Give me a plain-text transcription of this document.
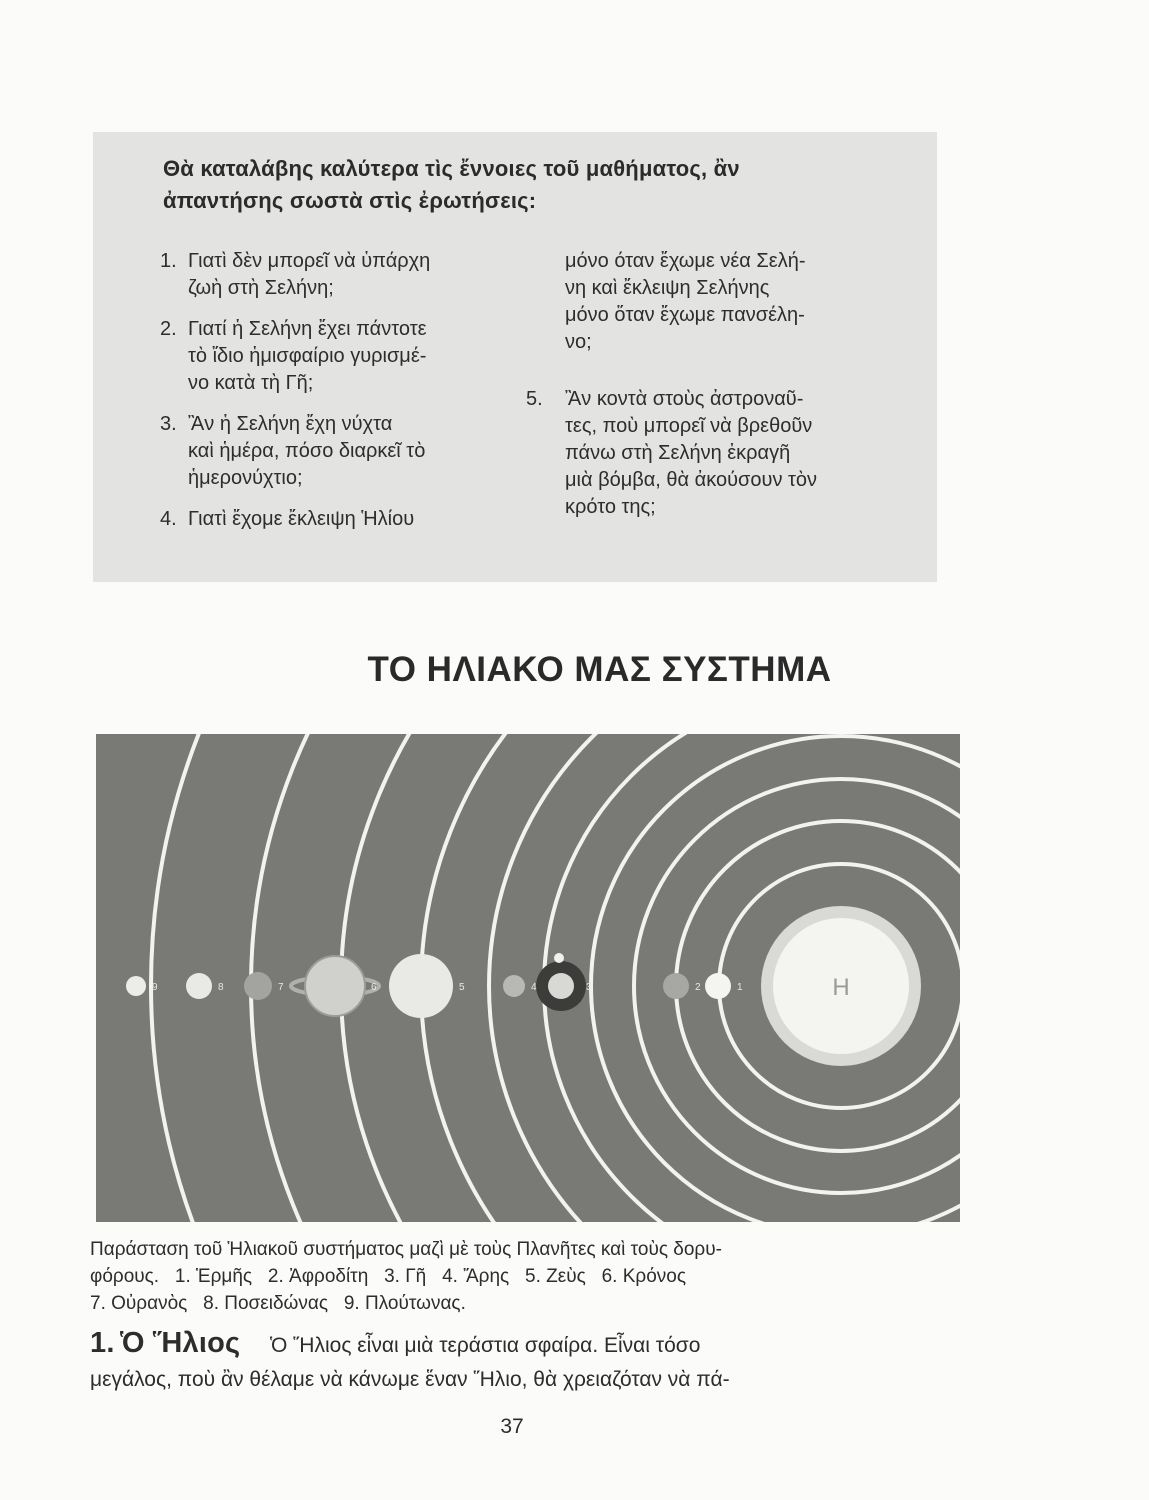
Θὰ καταλάβης καλύτερα τὶς ἔννοιες τοῦ μαθήματος, ἂν
ἀπαντήσης σωστὰ στὶς ἐρωτήσεις:
1. Γιατὶ δὲν μπορεῖ νὰ ὑπάρχη

ζωὴ στὴ Σελήνη;

2. Γιατί ἡ Σελήνη ἔχει πάντοτε

τὸ ἴδιο ἡμισφαίριο γυρισμέ-

νο κατὰ τὴ Γῆ;

3. Ἂν ἡ Σελήνη ἔχη νύχτα

καὶ ἡμέρα, πόσο διαρκεῖ τὸ

ἡμερονύχτιο;

4. Γιατὶ ἔχομε ἔκλειψη Ἡλίου

μόνο όταν ἔχωμε νέα Σελή-

νη καὶ ἔκλειψη Σελήνης

μόνο ὅταν ἔχωμε πανσέλη-

νο;

5.	Ἂν κοντὰ στοὺς ἀστροναῦ-

τες, ποὺ μπορεῖ νὰ βρεθοῦν

πάνω στὴ Σελήνη ἐκραγῆ

μιὰ βόμβα, θὰ ἀκούσουν τὸν

κρότο της;

ΤΟ ΗΛΙΑΚΟ ΜΑΣ ΣΥΣΤΗΜΑ
Η
1
2
3
4
5
6
7
8
9
Παράσταση τοῦ Ἡλιακοῦ συστήματος μαζὶ μὲ τοὺς Πλανῆτες καὶ τοὺς δορυ-
φόρους.   1. Ἑρμῆς   2. Ἀφροδίτη   3. Γῆ   4. Ἄρης   5. Ζεὺς   6. Κρόνος
7. Οὐρανὸς   8. Ποσειδώνας   9. Πλούτωνας.
1. Ὁ Ἥλιος Ὁ Ἥλιος εἶναι μιὰ τεράστια σφαίρα. Εἶναι τόσο
μεγάλος, ποὺ ἂν θέλαμε νὰ κάνωμε ἕναν Ἥλιο, θὰ χρειαζόταν νὰ πά-
37
